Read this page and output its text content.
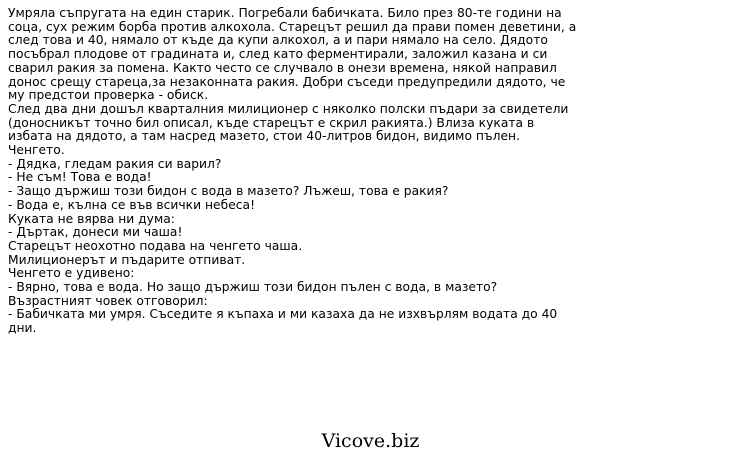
Умряла съпругата на един старик. Погребали бабичката. Било през 80-те години на соца, сух режим борба против алкохола. Старецът решил да прави помен деветини, а след това и 40, нямало от къде да купи алкохол, а и пари нямало на село. Дядото посъбрал плодове от градината и, след като ферментирали, заложил казана и си сварил ракия за помена. Както често се случвало в онези времена, някой направил донос срещу стареца,за незаконната ракия. Добри съседи предупредили дядото, че му предстои проверка - обиск.

След два дни дошъл кварталния милиционер с няколко полски пъдари за свидетели (доносникът точно бил описал, къде старецът е скрил ракията.) Влиза куката в избата на дядото, а там насред мазето, стои 40-литров бидон, видимо пълен.

Ченгето.

- Дядка, гледам ракия си варил?

- Не съм! Това е вода!

- Защо държиш този бидон с вода в мазето? Лъжеш, това е ракия?

- Вода е, кълна се във всички небеса!

Куката не вярва ни дума:

- Дъртак, донеси ми чаша!

Старецът неохотно подава на ченгето чаша.

Милиционерът и пъдарите отпиват.

Ченгето е удивено:

- Вярно, това е вода. Но защо държиш този бидон пълен с вода, в мазето?

Възрастният човек отговорил:

- Бабичката ми умря. Съседите я къпаха и ми казаха да не изхвърлям водата до 40 дни.

Vicove.biz
